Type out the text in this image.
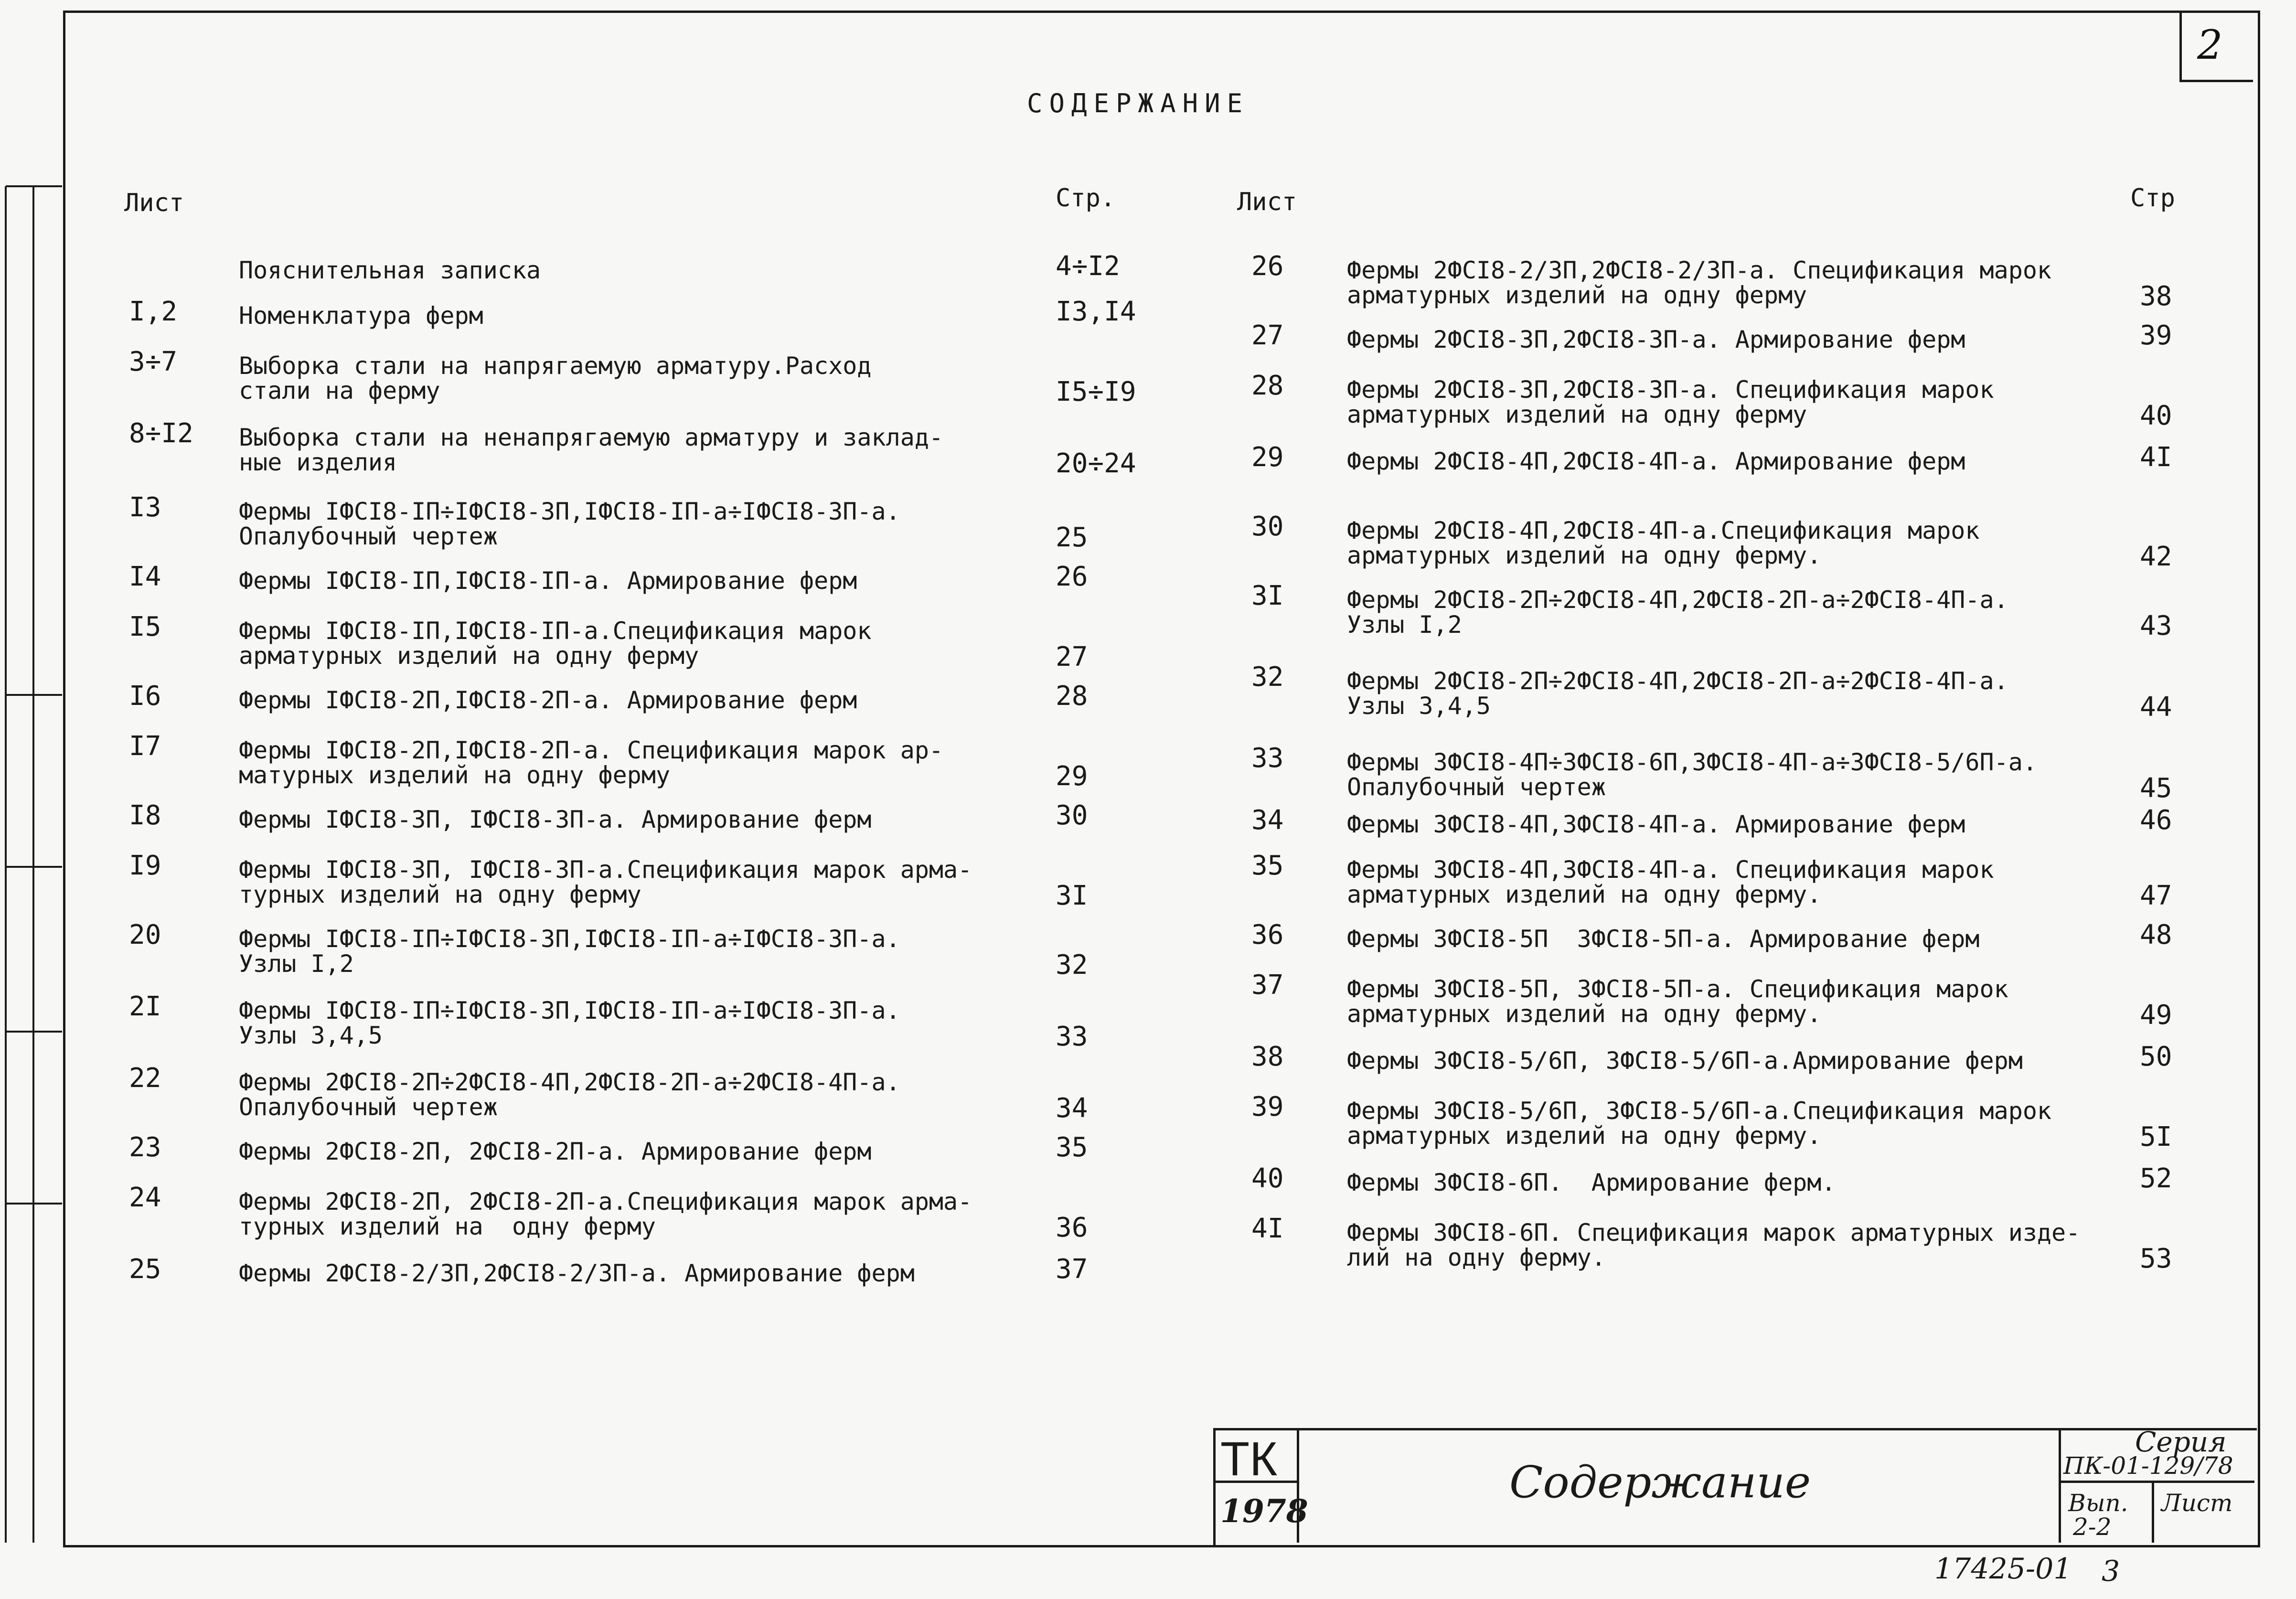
2
СОДЕРЖАНИЕ
Лист	Стр.	Лист	Стр
Пояснительная записка	4÷I2
I,2	Номенклатура ферм	I3,I4
3÷7	Выборка стали на напрягаемую арматуру.Расход
стали на ферму	I5÷I9
8÷I2 Выборка стали на ненапрягаемую арматуру и заклад-
ные изделия	20÷24
I3	Фермы IФСI8-IП÷IФСI8-3П,IФСI8-IП-а÷IФСI8-3П-а.
Опалубочный чертеж	25
I4	Фермы IФСI8-IП,IФСI8-IП-а. Армирование ферм	26
I5	Фермы IФСI8-IП,IФСI8-IП-а.Спецификация марок
арматурных изделий на одну ферму	27
I6	Фермы IФСI8-2П,IФСI8-2П-а. Армирование ферм	28
I7	Фермы IФСI8-2П,IФСI8-2П-а. Спецификация марок ар-
матурных изделий на одну ферму	29
I8	Фермы IФСI8-3П, IФСI8-3П-а. Армирование ферм	30
I9	Фермы IФСI8-3П, IФСI8-3П-а.Спецификация марок арма-
турных изделий на одну ферму	3I
20	Фермы IФСI8-IП÷IФСI8-3П,IФСI8-IП-а÷IФСI8-3П-а.
Узлы I,2	32
2I	Фермы IФСI8-IП÷IФСI8-3П,IФСI8-IП-а÷IФСI8-3П-а.
Узлы 3,4,5	33
22	Фермы 2ФСI8-2П÷2ФСI8-4П,2ФСI8-2П-а÷2ФСI8-4П-а.
Опалубочный чертеж	34
23	Фермы 2ФСI8-2П, 2ФСI8-2П-а. Армирование ферм	35
24	Фермы 2ФСI8-2П, 2ФСI8-2П-а.Спецификация марок арма-
турных изделий на  одну ферму	36
25	Фермы 2ФСI8-2/3П,2ФСI8-2/3П-а. Армирование ферм	37
26	Фермы 2ФСI8-2/3П,2ФСI8-2/3П-а. Спецификация марок
арматурных изделий на одну ферму	38
27	Фермы 2ФСI8-3П,2ФСI8-3П-а. Армирование ферм	39
28	Фермы 2ФСI8-3П,2ФСI8-3П-а. Спецификация марок
арматурных изделий на одну ферму	40
29	Фермы 2ФСI8-4П,2ФСI8-4П-а. Армирование ферм	4I
30	Фермы 2ФСI8-4П,2ФСI8-4П-а.Спецификация марок
арматурных изделий на одну ферму.	42
3I	Фермы 2ФСI8-2П÷2ФСI8-4П,2ФСI8-2П-а÷2ФСI8-4П-а.
Узлы I,2	43
32	Фермы 2ФСI8-2П÷2ФСI8-4П,2ФСI8-2П-а÷2ФСI8-4П-а.
Узлы 3,4,5	44
33	Фермы 3ФСI8-4П÷3ФСI8-6П,3ФСI8-4П-а÷3ФСI8-5/6П-а.
Опалубочный чертеж	45
34	Фермы 3ФСI8-4П,3ФСI8-4П-а. Армирование ферм	46
35	Фермы 3ФСI8-4П,3ФСI8-4П-а. Спецификация марок
арматурных изделий на одну ферму.	47
36	Фермы 3ФСI8-5П  3ФСI8-5П-а. Армирование ферм	48
37	Фермы 3ФСI8-5П, 3ФСI8-5П-а. Спецификация марок
арматурных изделий на одну ферму.	49
38	Фермы 3ФСI8-5/6П, 3ФСI8-5/6П-а.Армирование ферм	50
39	Фермы 3ФСI8-5/6П, 3ФСI8-5/6П-а.Спецификация марок
арматурных изделий на одну ферму.	5I
40	Фермы 3ФСI8-6П.  Армирование ферм.	52
4I	Фермы 3ФСI8-6П. Спецификация марок арматурных изде-
лий на одну ферму.	53
ТК
1978
Содержание
Серия
ПК-01-129/78
Вып.
2-2
Лист
17425-01 3
